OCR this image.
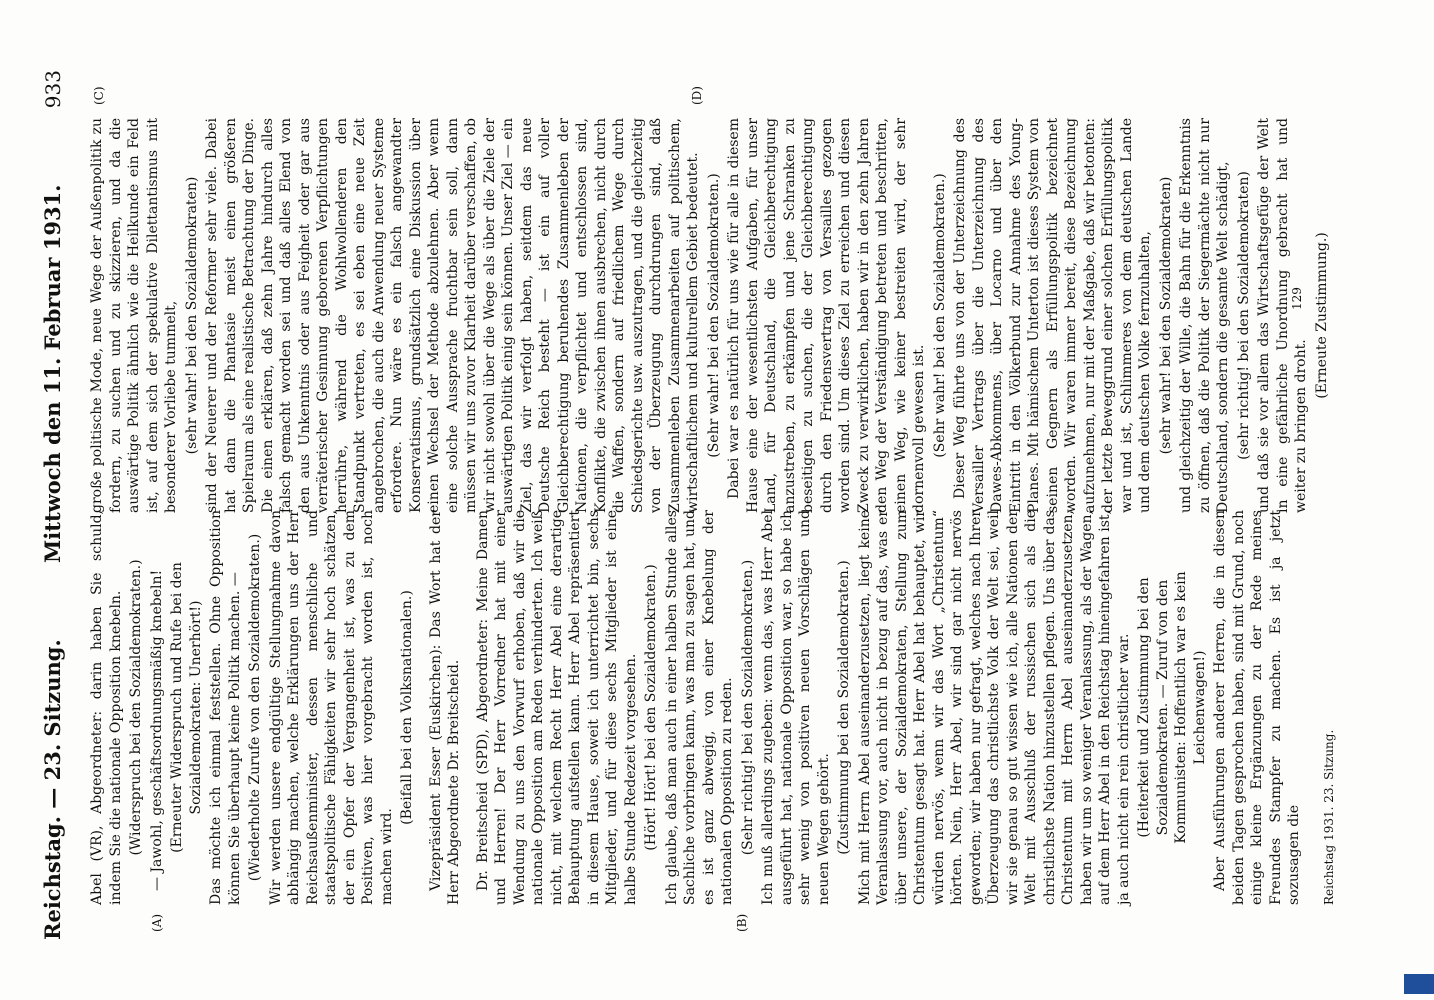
Reichstag. — 23. Sitzung.
Mittwoch den 11. Februar 1931.
933
(A)	(B)
(C)	(D)

Abel (VR), Abgeordneter: darin haben Sie schuld, indem Sie die nationale Opposition knebeln. (Widerspruch bei den Sozialdemokraten.) — Jawohl, geschäftsordnungsmäßig knebeln! (Erneuter Widerspruch und Rufe bei den Sozialdemokraten: Unerhört!) Das möchte ich einmal feststellen. Ohne Opposition können Sie überhaupt keine Politik machen. — (Wiederholte Zurufe von den Sozialdemokraten.) Wir werden unsere endgültige Stellungnahme davon abhängig machen, welche Erklärungen uns der Herr Reichsaußenminister, dessen menschliche und staatspolitische Fähigkeiten wir sehr hoch schätzen, der ein Opfer der Vergangenheit ist, was zu dem Positiven, was hier vorgebracht worden ist, noch machen wird.

(Beifall bei den Volksnationalen.) Vizepräsident Esser (Euskirchen): Das Wort hat der Herr Abgeordnete Dr. Breitscheid. Dr. Breitscheid (SPD), Abgeordneter: Meine Damen und Herren! Der Herr Vorredner hat mit einer Wendung zu uns den Vorwurf erhoben, daß wir die nationale Opposition am Reden verhinderten. Ich weiß nicht, mit welchem Recht Herr Abel eine derartige Behauptung aufstellen kann. Herr Abel repräsentiert in diesem Hause, soweit ich unterrichtet bin, sechs Mitglieder, und für diese sechs Mitglieder ist eine halbe Stunde Redezeit vorgesehen. (Hört! Hört! bei den Sozialdemokraten.) Ich glaube, daß man auch in einer halben Stunde alles Sachliche vorbringen kann, was man zu sagen hat, und es ist ganz abwegig, von einer Knebelung der nationalen Opposition zu reden. (Sehr richtig! bei den Sozialdemokraten.) Ich muß allerdings zugeben: wenn das, was Herr Abel ausgeführt hat, nationale Opposition war, so habe ich sehr wenig von positiven neuen Vorschlägen und neuen Wegen gehört. (Zustimmung bei den Sozialdemokraten.) Mich mit Herrn Abel auseinanderzusetzen, liegt keine Veranlassung vor, auch nicht in bezug auf das, was er über unsere, der Sozialdemokraten, Stellung zum Christentum gesagt hat. Herr Abel hat behauptet, wir würden nervös, wenn wir das Wort „Christentum“ hörten. Nein, Herr Abel, wir sind gar nicht nervös geworden; wir haben nur gefragt, welches nach Ihrer Überzeugung das christlichste Volk der Welt sei, weil wir sie genau so gut wissen wie ich, alle Nationen der Welt mit Ausschluß der russischen sich als die christlichste Nation hinzustellen pflegen. Uns über das Christentum mit Herrn Abel auseinanderzusetzen, haben wir um so weniger Veranlassung, als der Wagen, auf dem Herr Abel in den Reichstag hineingefahren ist, ja auch nicht ein rein christlicher war. (Heiterkeit und Zustimmung bei den Sozialdemokraten. — Zuruf von den Kommunisten: Hoffentlich war es kein Leichenwagen!) Aber Ausführungen anderer Herren, die in diesen beiden Tagen gesprochen haben, sind mit Grund, noch einige kleine Ergänzungen zu der Rede meines Freundes Stampfer zu machen. Es ist ja jetzt sozusagen die

große politische Mode, neue Wege der Außenpolitik zu fordern, zu suchen und zu skizzieren, und da die auswärtige Politik ähnlich wie die Heilkunde ein Feld ist, auf dem sich der spekulative Dilettantismus mit besonderer Vorliebe tummelt, (sehr wahr! bei den Sozialdemokraten) sind der Neuerer und der Reformer sehr viele. Dabei hat dann die Phantasie meist einen größeren Spielraum als eine realistische Betrachtung der Dinge. Die einen erklären, daß zehn Jahre hindurch alles falsch gemacht worden sei und daß alles Elend von den aus Unkenntnis oder aus Feigheit oder gar aus verräterischer Gesinnung geborenen Verpflichtungen herrühre, während die Wohlwollenderen den Standpunkt vertreten, es sei eben eine neue Zeit angebrochen, die auch die Anwendung neuer Systeme erfordere. Nun wäre es ein falsch angewandter Konservatismus, grundsätzlich eine Diskussion über einen Wechsel der Methode abzulehnen. Aber wenn eine solche Aussprache fruchtbar sein soll, dann müssen wir uns zuvor Klarheit darüber verschaffen, ob wir nicht sowohl über die Wege als über die Ziele der auswärtigen Politik einig sein können. Unser Ziel — ein Ziel, das wir verfolgt haben, seitdem das neue Deutsche Reich besteht — ist ein auf voller Gleichberechtigung beruhendes Zusammenleben der Nationen, die verpflichtet und entschlossen sind, Konflikte, die zwischen ihnen ausbrechen, nicht durch die Waffen, sondern auf friedlichem Wege durch Schiedsgerichte usw. auszutragen, und die gleichzeitig von der Überzeugung durchdrungen sind, daß Zusammenleben Zusammenarbeiten auf politischem, wirtschaftlichem und kulturellem Gebiet bedeutet. (Sehr wahr! bei den Sozialdemokraten.) Dabei war es natürlich für uns wie für alle in diesem Hause eine der wesentlichsten Aufgaben, für unser Land, für Deutschland, die Gleichberechtigung anzustreben, zu erkämpfen und jene Schranken zu beseitigen zu suchen, die der Gleichberechtigung durch den Friedensvertrag von Versailles gezogen worden sind. Um dieses Ziel zu erreichen und diesen Zweck zu verwirklichen, haben wir in den zehn Jahren den Weg der Verständigung betreten und beschritten, einen Weg, wie keiner bestreiten wird, der sehr dornenvoll gewesen ist. (Sehr wahr! bei den Sozialdemokraten.) Dieser Weg führte uns von der Unterzeichnung des Versailler Vertrags über die Unterzeichnung des Dawes-Abkommens, über Locarno und über den Eintritt in den Völkerbund zur Annahme des Young-Planes. Mit hämischem Unterton ist dieses System von seinen Gegnern als Erfüllungspolitik bezeichnet worden. Wir waren immer bereit, diese Bezeichnung aufzunehmen, nur mit der Maßgabe, daß wir betonten: der letzte Beweggrund einer solchen Erfüllungspolitik war und ist, Schlimmeres von dem deutschen Lande und dem deutschen Volke fernzuhalten, (sehr wahr! bei den Sozialdemokraten) und gleichzeitig der Wille, die Bahn für die Erkenntnis zu öffnen, daß die Politik der Siegermächte nicht nur Deutschland, sondern die gesamte Welt schädigt, (sehr richtig! bei den Sozialdemokraten) und daß sie vor allem das Wirtschaftsgefüge der Welt in eine gefährliche Unordnung gebracht hat und weiter zu bringen droht.

(Erneute Zustimmung.)

Reichstag 1931. 23. Sitzung.
129
